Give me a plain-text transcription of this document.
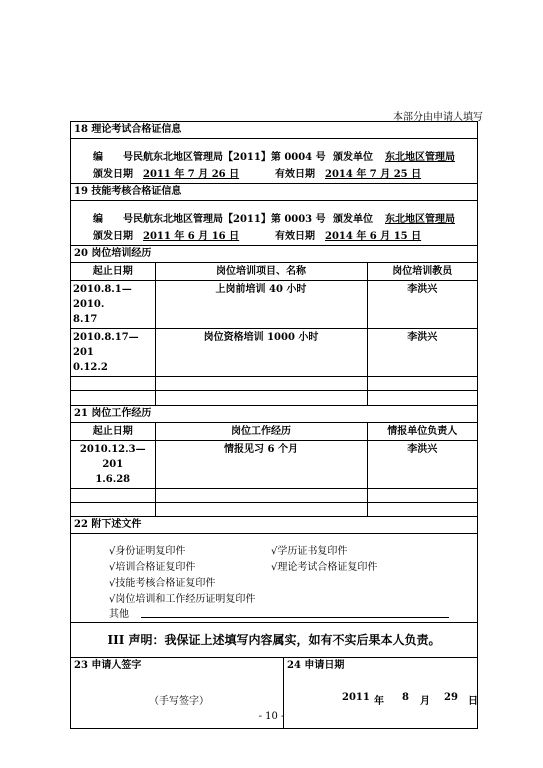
本部分由申请人填写
18 理论考试合格证信息
编 号民航东北地区管理局【2011】第 0004 号 颁发单位 东北地区管理局
颁发日期 2011 年 7 月 26 日	有效日期 2014 年 7 月 25 日
19 技能考核合格证信息
编 号民航东北地区管理局【2011】第 0003 号 颁发单位 东北地区管理局
颁发日期 2011 年 6 月 16 日	有效日期 2014 年 6 月 15 日
20 岗位培训经历
起止日期	岗位培训项目、名称	岗位培训教员
2010.8.1—2010.
8.17	上岗前培训 40 小时	李洪兴
2010.8.17—201
0.12.2	岗位资格培训 1000 小时	李洪兴

21 岗位工作经历
起止日期	岗位工作经历	情报单位负责人
2010.12.3—201
1.6.28	情报见习 6 个月	李洪兴

22 附下述文件
√身份证明复印件	√学历证书复印件
√培训合格证复印件	√理论考试合格证复印件
√技能考核合格证复印件
√岗位培训和工作经历证明复印件
其他
III 声明：我保证上述填写内容属实，如有不实后果本人负责。
23 申请人签字
（手写签字）
24 申请日期
2011 年 8 月 29 日
- 10 -
